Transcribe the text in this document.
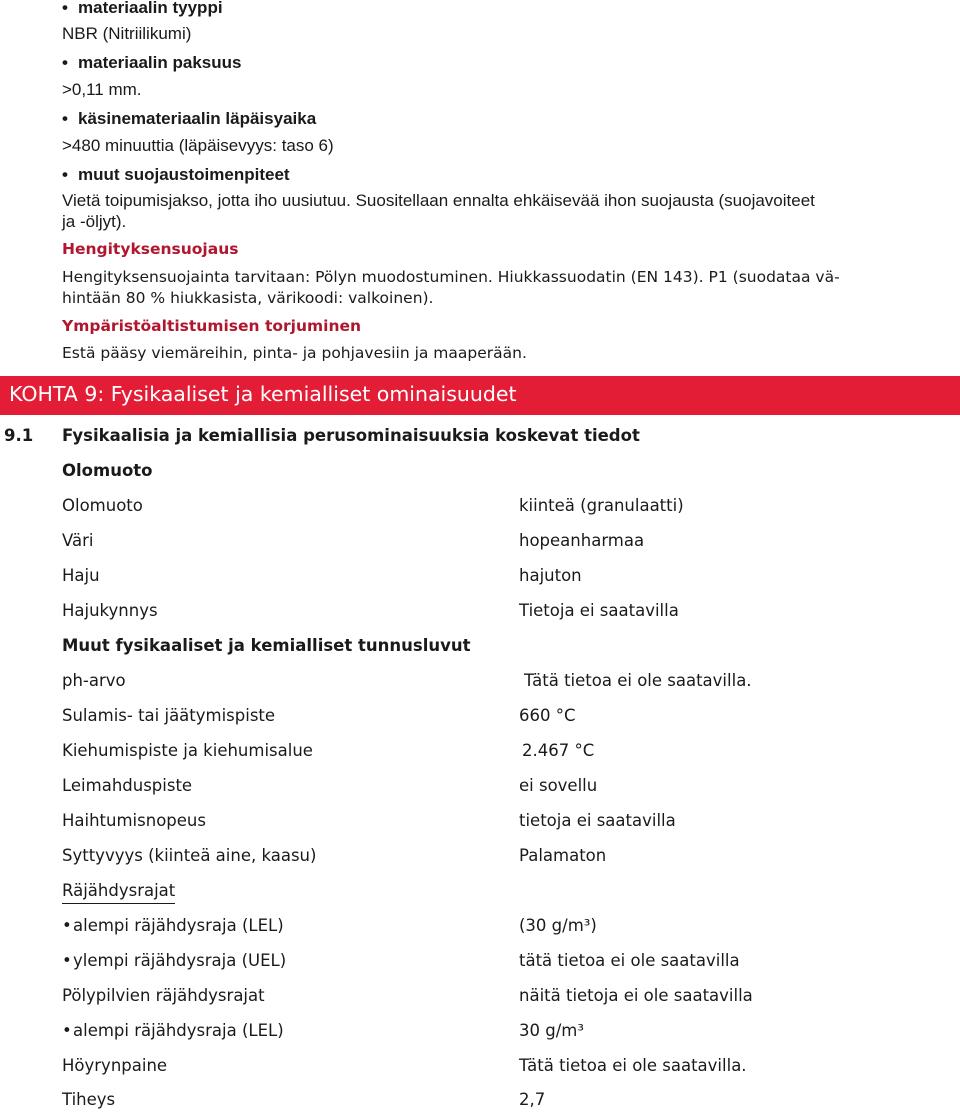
• materiaalin tyyppi
NBR (Nitriilikumi)
• materiaalin paksuus
>0,11 mm.
• käsinemateriaalin läpäisyaika
>480 minuuttia (läpäisevyys: taso 6)
• muut suojaustoimenpiteet
Vietä toipumisjakso, jotta iho uusiutuu. Suositellaan ennalta ehkäisevää ihon suojausta (suojavoiteet
ja -öljyt).
Hengityksensuojaus
Hengityksensuojainta tarvitaan: Pölyn muodostuminen. Hiukkassuodatin (EN 143). P1 (suodataa vä-
hintään 80 % hiukkasista, värikoodi: valkoinen).
Ympäristöaltistumisen torjuminen
Estä pääsy viemäreihin, pinta- ja pohjavesiin ja maaperään.
KOHTA 9: Fysikaaliset ja kemialliset ominaisuudet
9.1 Fysikaalisia ja kemiallisia perusominaisuuksia koskevat tiedot
Olomuoto
Olomuoto	kiinteä (granulaatti)
Väri	hopeanharmaa
Haju	hajuton
Hajukynnys	Tietoja ei saatavilla
Muut fysikaaliset ja kemialliset tunnusluvut
ph-arvo	Tätä tietoa ei ole saatavilla.
Sulamis- tai jäätymispiste	660 °C
Kiehumispiste ja kiehumisalue	2.467 °C
Leimahduspiste	ei sovellu
Haihtumisnopeus	tietoja ei saatavilla
Syttyvyys (kiinteä aine, kaasu)	Palamaton
Räjähdysrajat
• alempi räjähdysraja (LEL)	(30 g/m³)
• ylempi räjähdysraja (UEL)	tätä tietoa ei ole saatavilla
Pölypilvien räjähdysrajat	näitä tietoja ei ole saatavilla
• alempi räjähdysraja (LEL)	30 g/m³
Höyrynpaine	Tätä tietoa ei ole saatavilla.
Tiheys	2,7
